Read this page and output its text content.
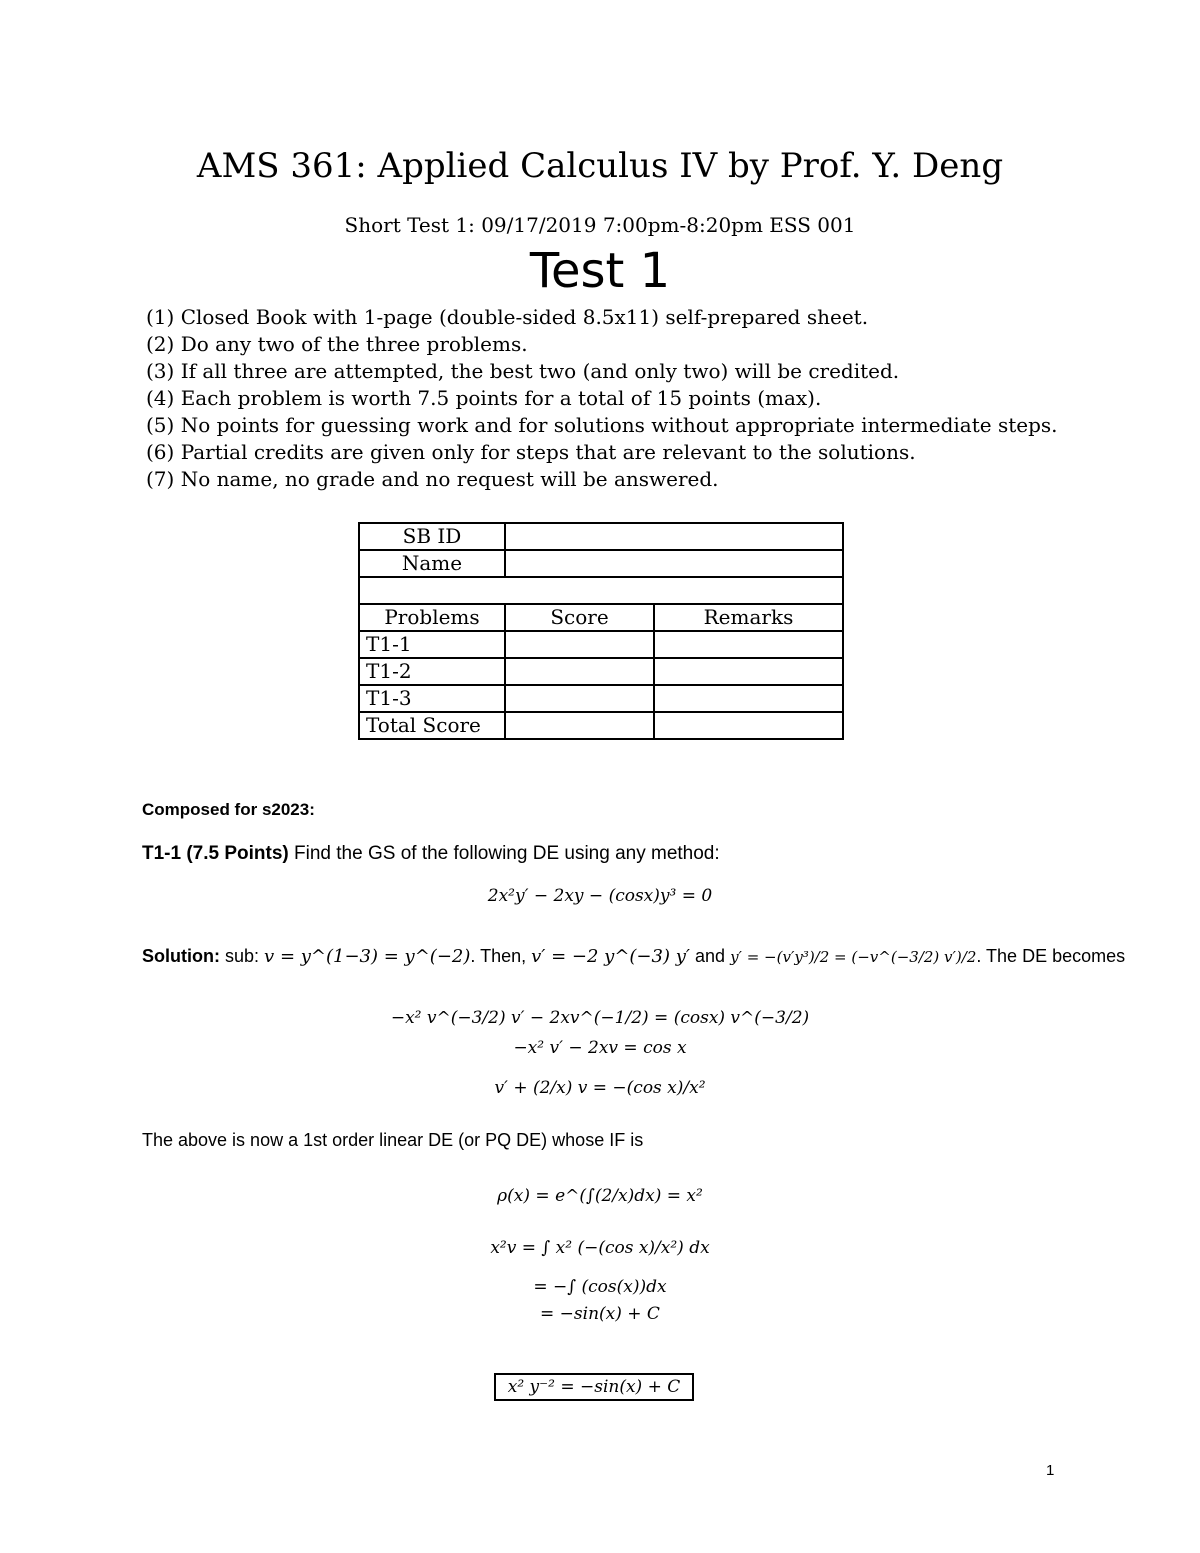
AMS 361: Applied Calculus IV by Prof. Y. Deng
Short Test 1: 09/17/2019 7:00pm-8:20pm ESS 001
Test 1
(1) Closed Book with 1-page (double-sided 8.5x11) self-prepared sheet.
(2) Do any two of the three problems.
(3) If all three are attempted, the best two (and only two) will be credited.
(4) Each problem is worth 7.5 points for a total of 15 points (max).
(5) No points for guessing work and for solutions without appropriate intermediate steps.
(6) Partial credits are given only for steps that are relevant to the solutions.
(7) No name, no grade and no request will be answered.
SB ID		
Name		

Problems	Score	Remarks
T1-1		
T1-2		
T1-3		
Total Score		
Composed for s2023:
T1-1 (7.5 Points) Find the GS of the following DE using any method:
2x²y′ − 2xy − (cosx)y³ = 0
Solution: sub: v = y^(1−3) = y^(−2). Then, v′ = −2 y^(−3) y′ and y′ = −(v′y³)/2 = (−v^(−3/2) v′)/2. The DE becomes
−x² v^(−3/2) v′ − 2xv^(−1/2) = (cosx) v^(−3/2)
−x² v′ − 2xv = cos x
v′ + (2/x) v = −(cos x)/x²
The above is now a 1st order linear DE (or PQ DE) whose IF is
ρ(x) = e^(∫(2/x)dx) = x²
x²v = ∫ x² (−(cos x)/x²) dx
= −∫ (cos(x))dx
= −sin(x) + C
x² y⁻² = −sin(x) + C
1
